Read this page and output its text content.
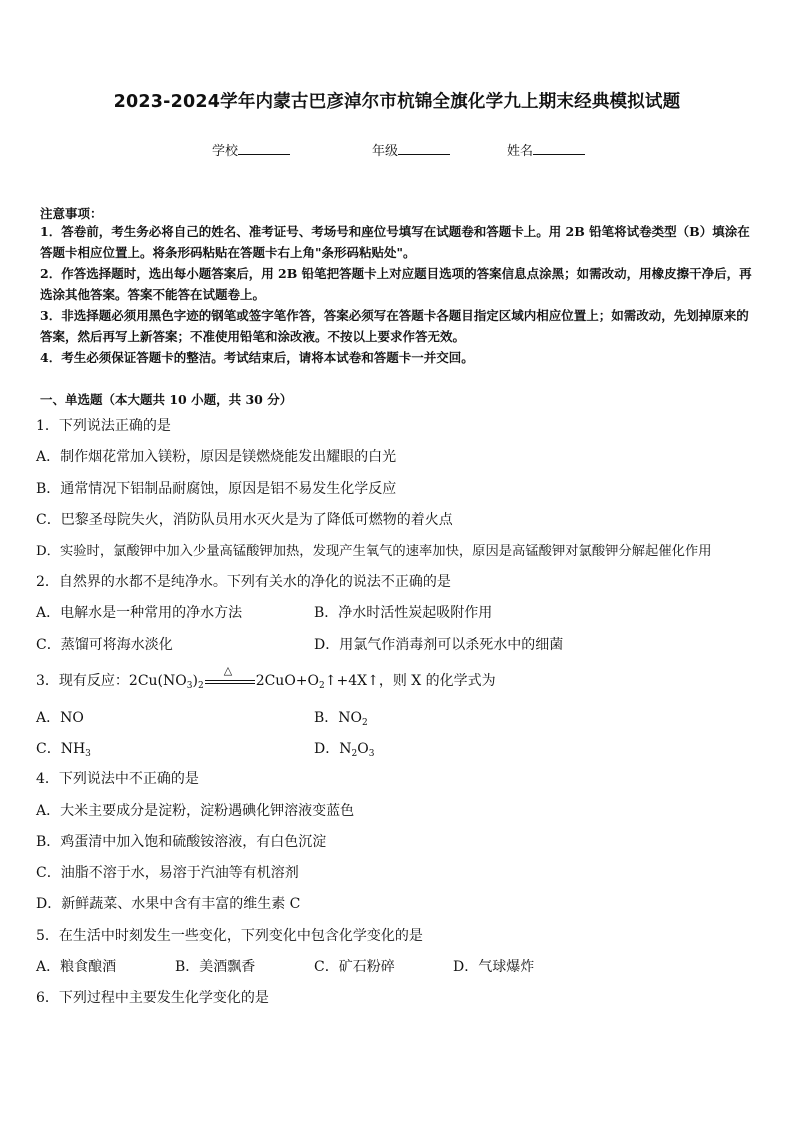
2023-2024学年内蒙古巴彦淖尔市杭锦全旗化学九上期末经典模拟试题
学校	年级	姓名
注意事项：
1．答卷前，考生务必将自己的姓名、准考证号、考场号和座位号填写在试题卷和答题卡上。用 2B 铅笔将试卷类型（B）填涂在答题卡相应位置上。将条形码粘贴在答题卡右上角"条形码粘贴处"。
2．作答选择题时，选出每小题答案后，用 2B 铅笔把答题卡上对应题目选项的答案信息点涂黑；如需改动，用橡皮擦干净后，再选涂其他答案。答案不能答在试题卷上。
3．非选择题必须用黑色字迹的钢笔或签字笔作答，答案必须写在答题卡各题目指定区域内相应位置上；如需改动，先划掉原来的答案，然后再写上新答案；不准使用铅笔和涂改液。不按以上要求作答无效。
4．考生必须保证答题卡的整洁。考试结束后，请将本试卷和答题卡一并交回。
一、单选题（本大题共 10 小题，共 30 分）
1．下列说法正确的是
A．制作烟花常加入镁粉，原因是镁燃烧能发出耀眼的白光
B．通常情况下铝制品耐腐蚀，原因是铝不易发生化学反应
C．巴黎圣母院失火，消防队员用水灭火是为了降低可燃物的着火点
D．实验时，氯酸钾中加入少量高锰酸钾加热，发现产生氧气的速率加快，原因是高锰酸钾对氯酸钾分解起催化作用
2．自然界的水都不是纯净水。下列有关水的净化的说法不正确的是
A．电解水是一种常用的净水方法	B．净水时活性炭起吸附作用
C．蒸馏可将海水淡化	D．用氯气作消毒剂可以杀死水中的细菌
3．现有反应：$2Cu(NO_3)_2$
△
$2CuO+O_2↑+4X↑$，则 X 的化学式为
A．NO	B．$NO_2$
C．$NH_3$	D．$N_2O_3$
4．下列说法中不正确的是
A．大米主要成分是淀粉，淀粉遇碘化钾溶液变蓝色
B．鸡蛋清中加入饱和硫酸铵溶液，有白色沉淀
C．油脂不溶于水，易溶于汽油等有机溶剂
D．新鲜蔬菜、水果中含有丰富的维生素 C
5．在生活中时刻发生一些变化，下列变化中包含化学变化的是
A．粮食酿酒	B．美酒飘香	C．矿石粉碎	D．气球爆炸
6．下列过程中主要发生化学变化的是
